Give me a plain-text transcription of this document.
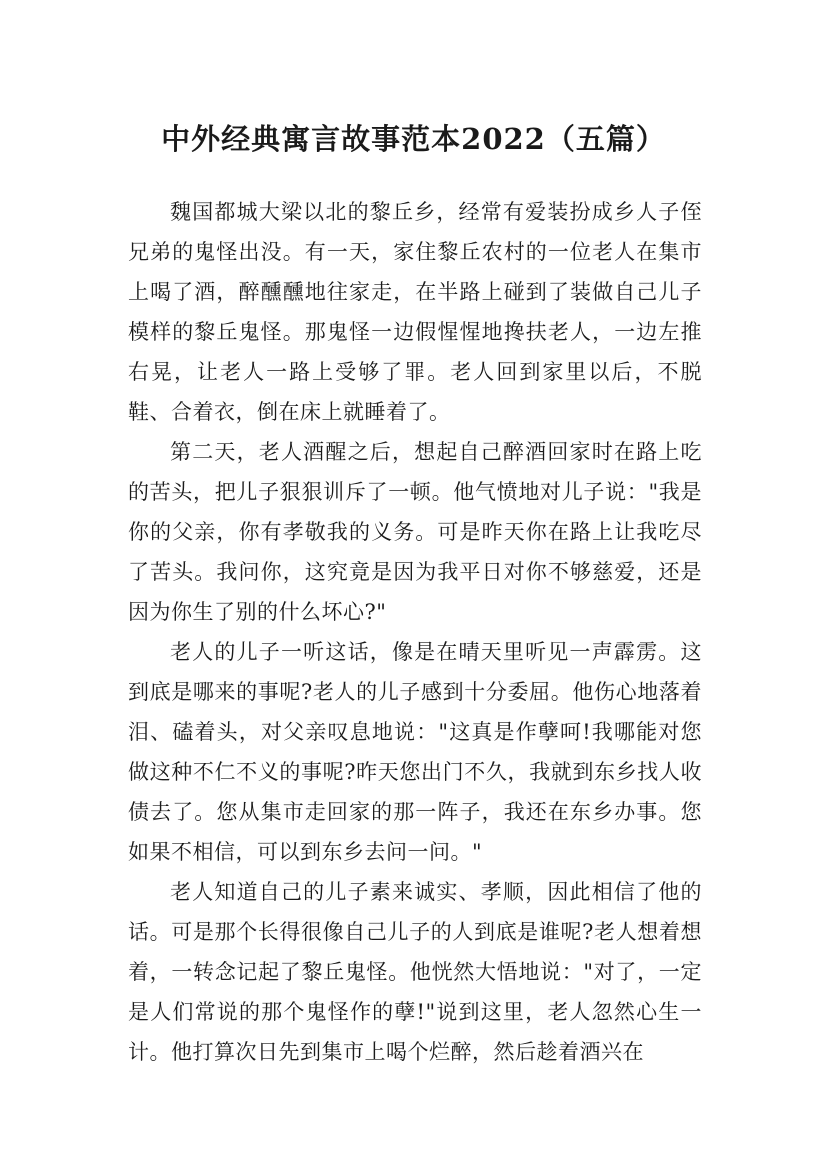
中外经典寓言故事范本2022（五篇）

魏国都城大梁以北的黎丘乡，经常有爱装扮成乡人子侄兄弟的鬼怪出没。有一天，家住黎丘农村的一位老人在集市上喝了酒，醉醺醺地往家走，在半路上碰到了装做自己儿子模样的黎丘鬼怪。那鬼怪一边假惺惺地搀扶老人，一边左推右晃，让老人一路上受够了罪。老人回到家里以后，不脱鞋、合着衣，倒在床上就睡着了。

第二天，老人酒醒之后，想起自己醉酒回家时在路上吃的苦头，把儿子狠狠训斥了一顿。他气愤地对儿子说："我是你的父亲，你有孝敬我的义务。可是昨天你在路上让我吃尽了苦头。我问你，这究竟是因为我平日对你不够慈爱，还是因为你生了别的什么坏心?"

老人的儿子一听这话，像是在晴天里听见一声霹雳。这到底是哪来的事呢?老人的儿子感到十分委屈。他伤心地落着泪、磕着头，对父亲叹息地说："这真是作孽呵!我哪能对您做这种不仁不义的事呢?昨天您出门不久，我就到东乡找人收债去了。您从集市走回家的那一阵子，我还在东乡办事。您如果不相信，可以到东乡去问一问。"

老人知道自己的儿子素来诚实、孝顺，因此相信了他的话。可是那个长得很像自己儿子的人到底是谁呢?老人想着想着，一转念记起了黎丘鬼怪。他恍然大悟地说："对了，一定是人们常说的那个鬼怪作的孽!"说到这里，老人忽然心生一计。他打算次日先到集市上喝个烂醉，然后趁着酒兴在
